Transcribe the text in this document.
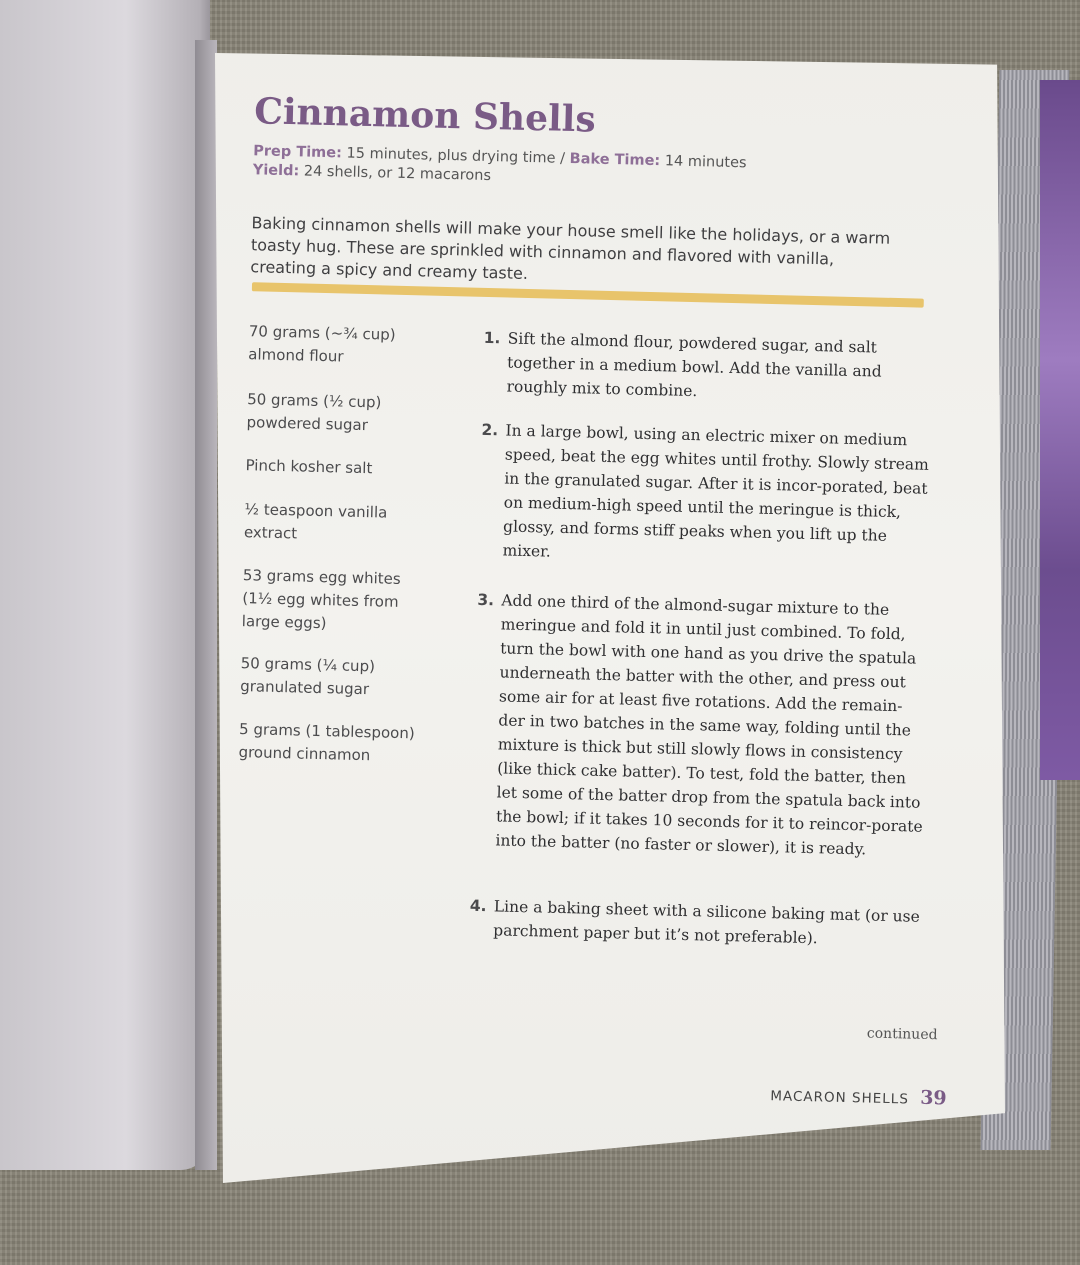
Cinnamon Shells
Prep Time: 15 minutes, plus drying time / Bake Time: 14 minutes
Yield: 24 shells, or 12 macarons

Baking cinnamon shells will make your house smell like the holidays, or a warm toasty hug. These are sprinkled with cinnamon and flavored with vanilla, creating a spicy and creamy taste.

70 grams (~¾ cup) almond flour
50 grams (½ cup) powdered sugar
Pinch kosher salt
½ teaspoon vanilla extract
53 grams egg whites (1½ egg whites from large eggs)
50 grams (¼ cup) granulated sugar
5 grams (1 tablespoon) ground cinnamon
1. Sift the almond flour, powdered sugar, and salt together in a medium bowl. Add the vanilla and roughly mix to combine.
2. In a large bowl, using an electric mixer on medium speed, beat the egg whites until frothy. Slowly stream in the granulated sugar. After it is incor-porated, beat on medium-high speed until the meringue is thick, glossy, and forms stiff peaks when you lift up the mixer.
3. Add one third of the almond-sugar mixture to the meringue and fold it in until just combined. To fold, turn the bowl with one hand as you drive the spatula underneath the batter with the other, and press out some air for at least five rotations. Add the remain-der in two batches in the same way, folding until the mixture is thick but still slowly flows in consistency (like thick cake batter). To test, fold the batter, then let some of the batter drop from the spatula back into the bowl; if it takes 10 seconds for it to reincor-porate into the batter (no faster or slower), it is ready.
4. Line a baking sheet with a silicone baking mat (or use parchment paper but it’s not preferable).
continued
MACARON SHELLS 39
